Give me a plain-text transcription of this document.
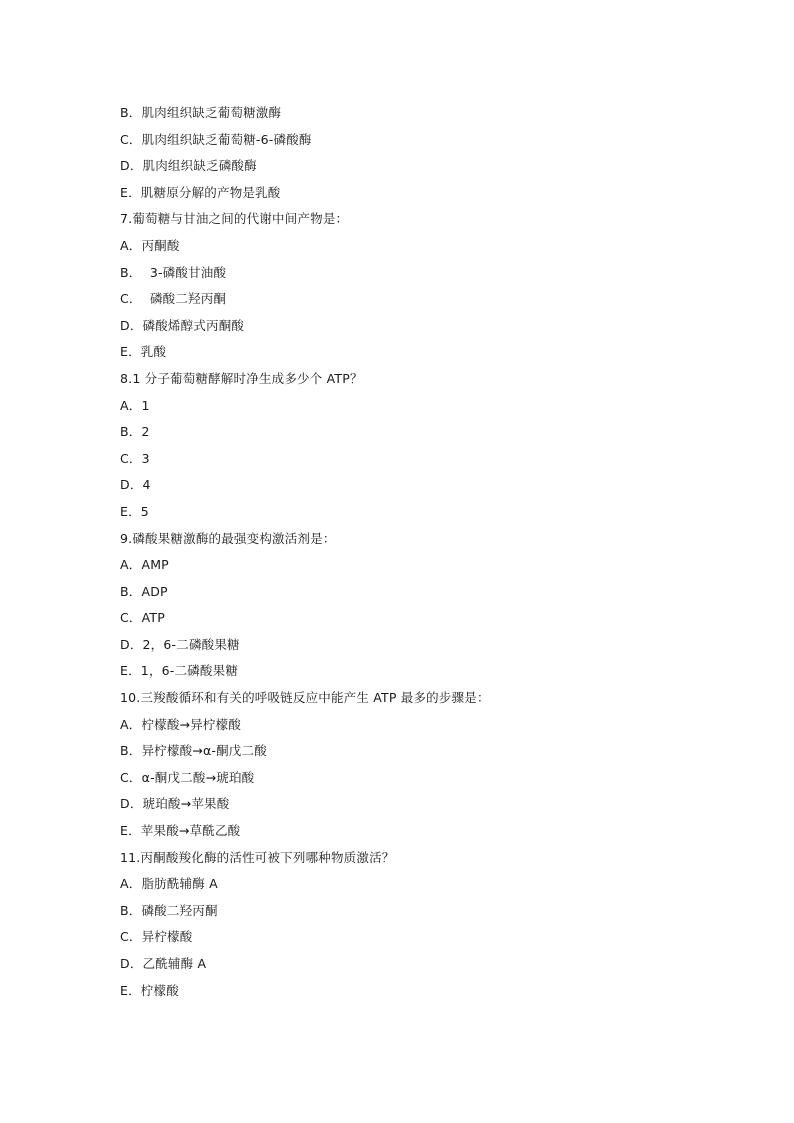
B．肌肉组织缺乏葡萄糖激酶
C．肌肉组织缺乏葡萄糖-6-磷酸酶
D．肌肉组织缺乏磷酸酶
E．肌糖原分解的产物是乳酸
7.葡萄糖与甘油之间的代谢中间产物是：
A．丙酮酸
B．  3-磷酸甘油酸
C．  磷酸二羟丙酮
D．磷酸烯醇式丙酮酸
E．乳酸
8.1 分子葡萄糖酵解时净生成多少个 ATP？
A．1
B．2
C．3
D．4
E．5
9.磷酸果糖激酶的最强变构激活剂是：
A．AMP
B．ADP
C．ATP
D．2，6-二磷酸果糖
E．1，6-二磷酸果糖
10.三羧酸循环和有关的呼吸链反应中能产生 ATP 最多的步骤是：
A．柠檬酸→异柠檬酸
B．异柠檬酸→α-酮戊二酸
C．α-酮戊二酸→琥珀酸
D．琥珀酸→苹果酸
E．苹果酸→草酰乙酸
11.丙酮酸羧化酶的活性可被下列哪种物质激活？
A．脂肪酰辅酶 A
B．磷酸二羟丙酮
C．异柠檬酸
D．乙酰辅酶 A
E．柠檬酸
